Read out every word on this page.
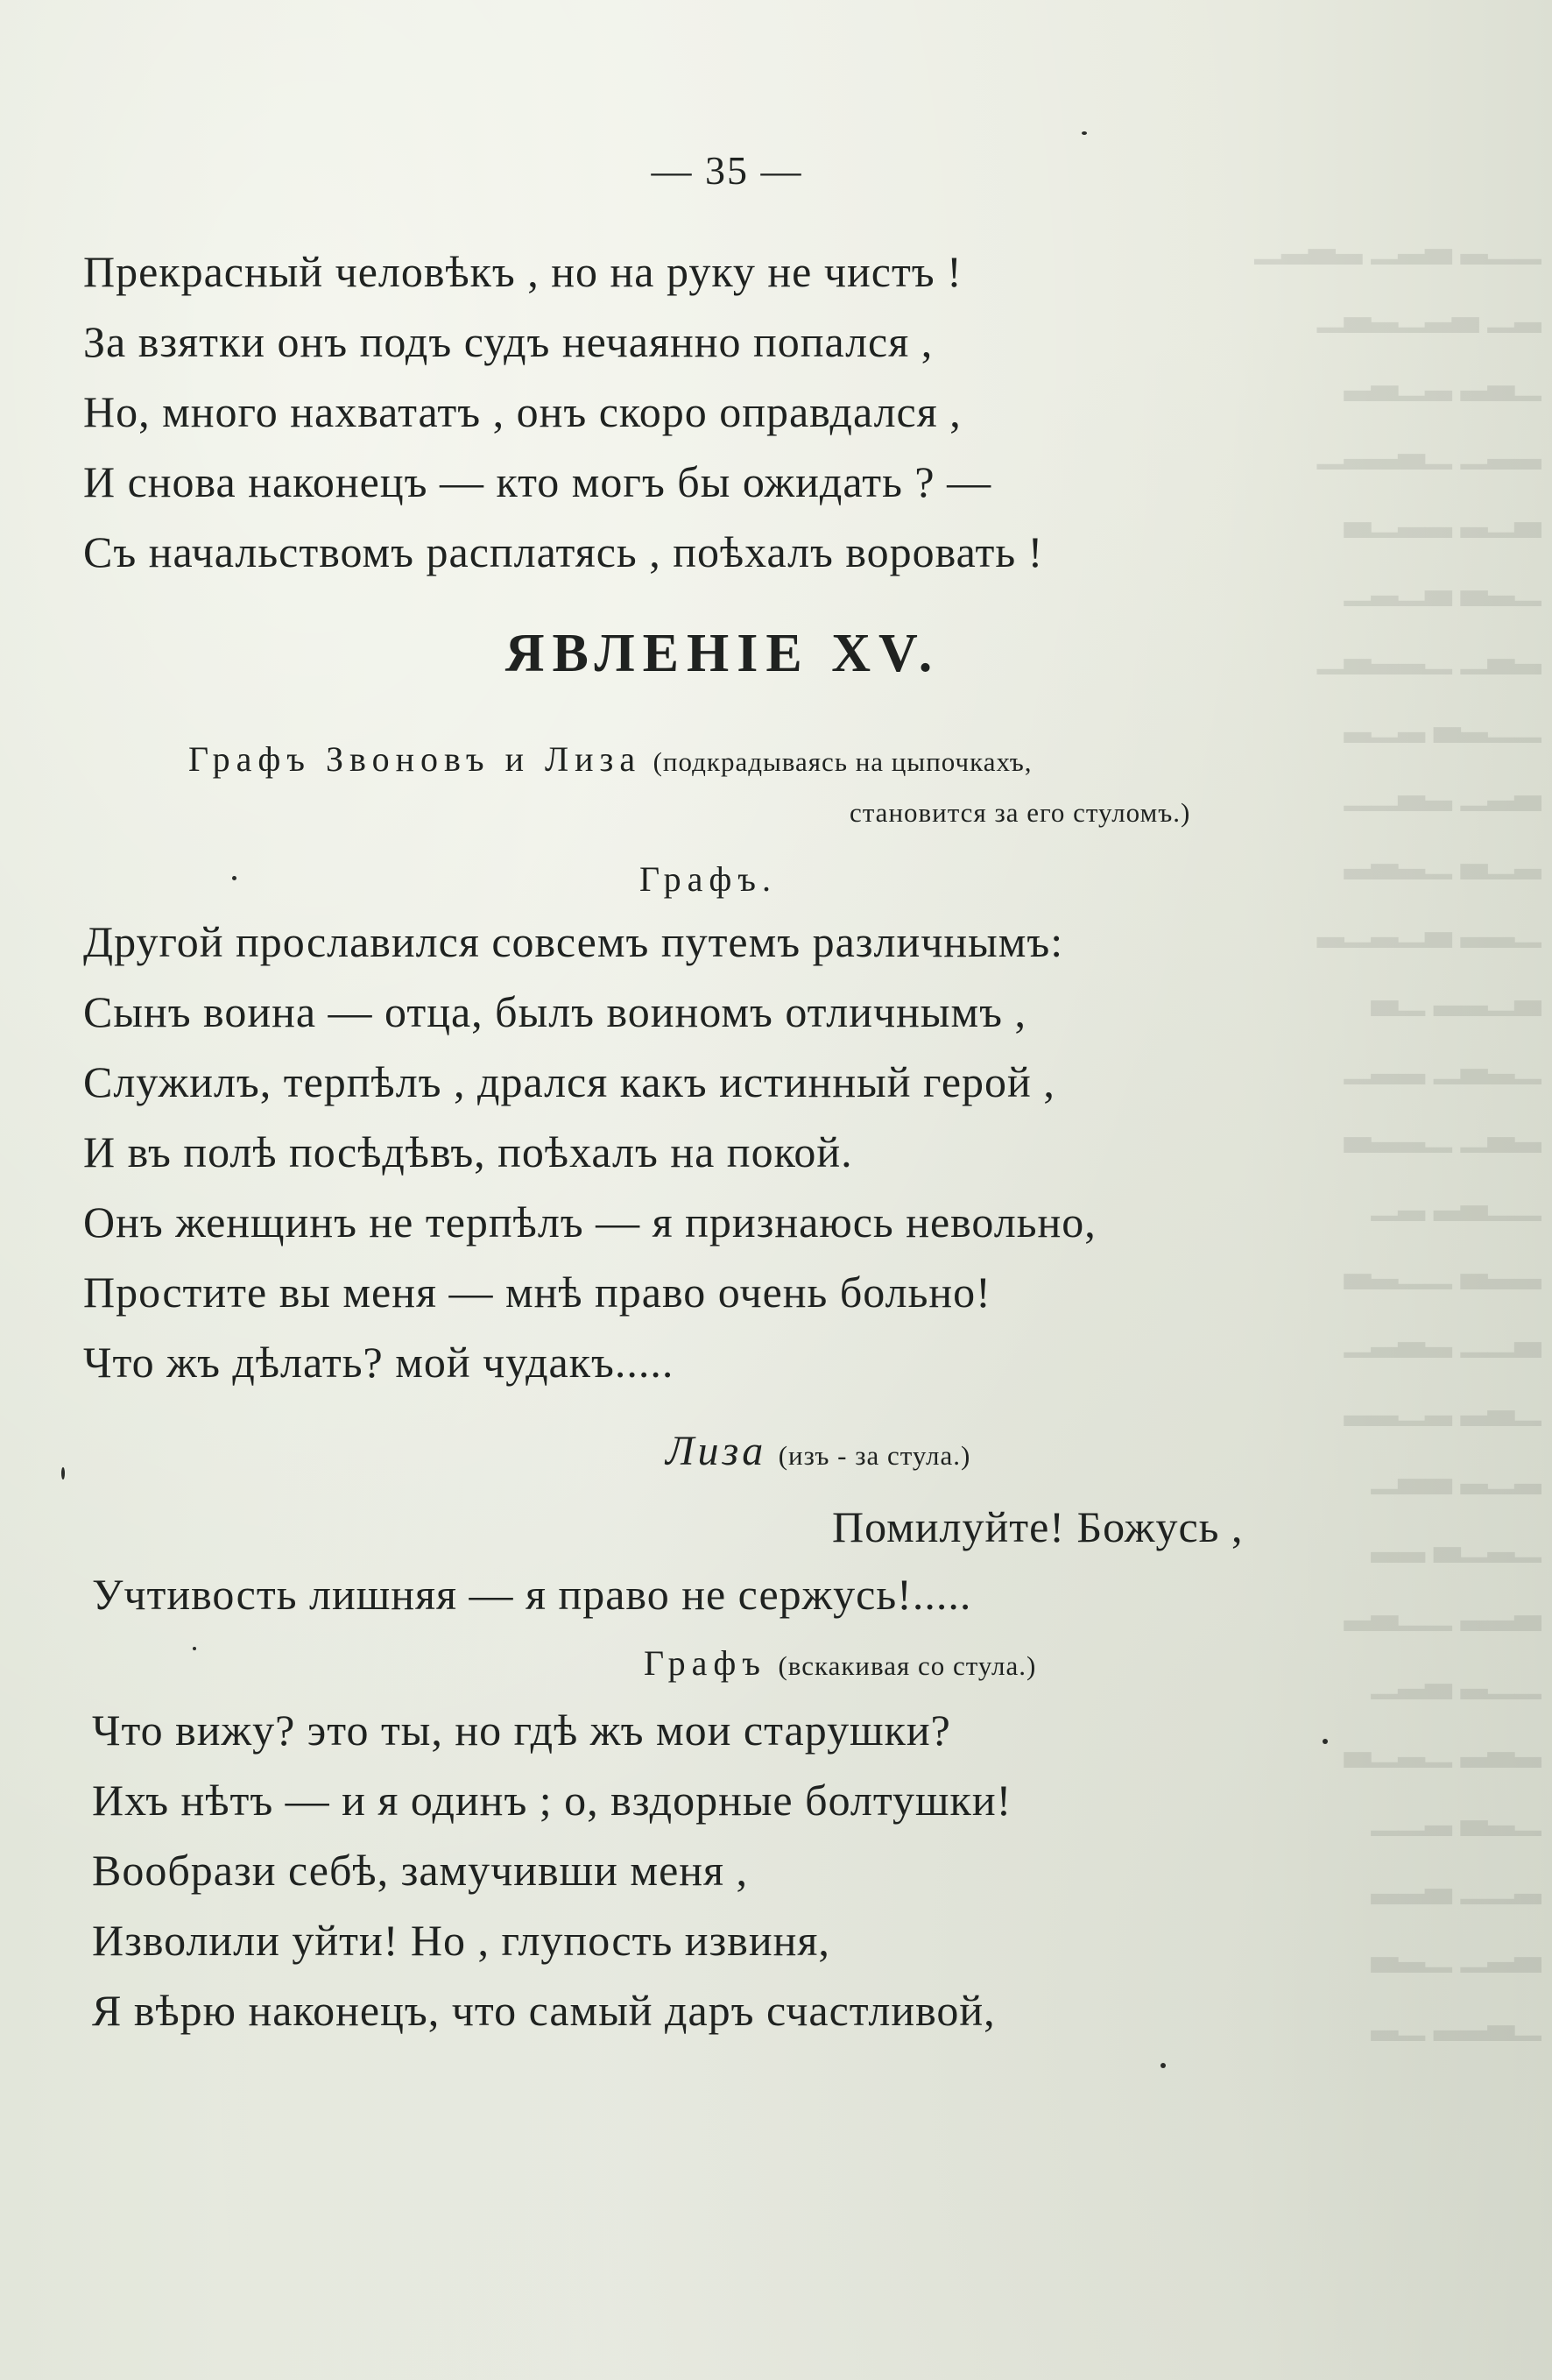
▁▁▂ ▃▂▁ ▂▃▂▁
▂▁ ▃▂▁▂▃▁
▁▃▂ ▂▁▃▂
▂▂▁ ▁▃▂▂▁
▃▁▂ ▂▂▁▃
▁▂▃ ▃▁▂▁
▂▃▁ ▁▂▂▃▁
▁▁▂▃ ▂▁▂
▃▂▁ ▂▃▁▁
▂▁▃ ▁▂▃▂
▁▂▂ ▃▁▂▁▂
▃▁▂▂ ▁▃
▁▂▃▁ ▂▂▁
▂▃▁ ▁▂▂▃
▁▁▃▂ ▂▁
▂▂▃ ▁▁▂▃
▃▁▁ ▂▃▂▁
▁▃▂ ▂▁▂▂
▂▁▂ ▃▃▁
▁▂▁▃ ▂▂
▃▂▂ ▁▁▃▂
▁▁▂ ▃▂▁
▂▃▂ ▁▂▁▃
▁▂▃ ▂▁▁
▂▁▁ ▃▂▂
▃▂▁ ▁▂▃
▁▃▂▂ ▁▂
— 35 —
Прекрасный человѣкъ , но на руку не чистъ !
За взятки онъ подъ судъ нечаянно попался ,
Но, много нахвататъ , онъ скоро оправдался ,
И снова наконецъ — кто могъ бы ожидать ? —
Съ начальствомъ расплатясь , поѣхалъ воровать !
ЯВЛЕНІЕ XV.
Графъ Звоновъ и Лиза (подкрадываясь на цыпочкахъ,
становится за его стуломъ.)
Графъ.
Другой прославился совсемъ путемъ различнымъ:
Сынъ воина — отца, былъ воиномъ отличнымъ ,
Служилъ, терпѣлъ , дрался какъ истинный герой ,
И въ полѣ посѣдѣвъ, поѣхалъ на покой.
Онъ женщинъ не терпѣлъ — я признаюсь невольно,
Простите вы меня — мнѣ право очень больно!
Что жъ дѣлать? мой чудакъ.....
Лиза (изъ - за стула.)
Помилуйте! Божусь ,
Учтивость лишняя — я право не сержусь!.....
Графъ (вскакивая со стула.)
Что вижу? это ты, но гдѣ жъ мои старушки?
Ихъ нѣтъ — и я одинъ ; о, вздорные болтушки!
Вообрази себѣ, замучивши меня ,
Изволили уйти! Но , глупость извиня,
Я вѣрю наконецъ, что самый даръ счастливой,
